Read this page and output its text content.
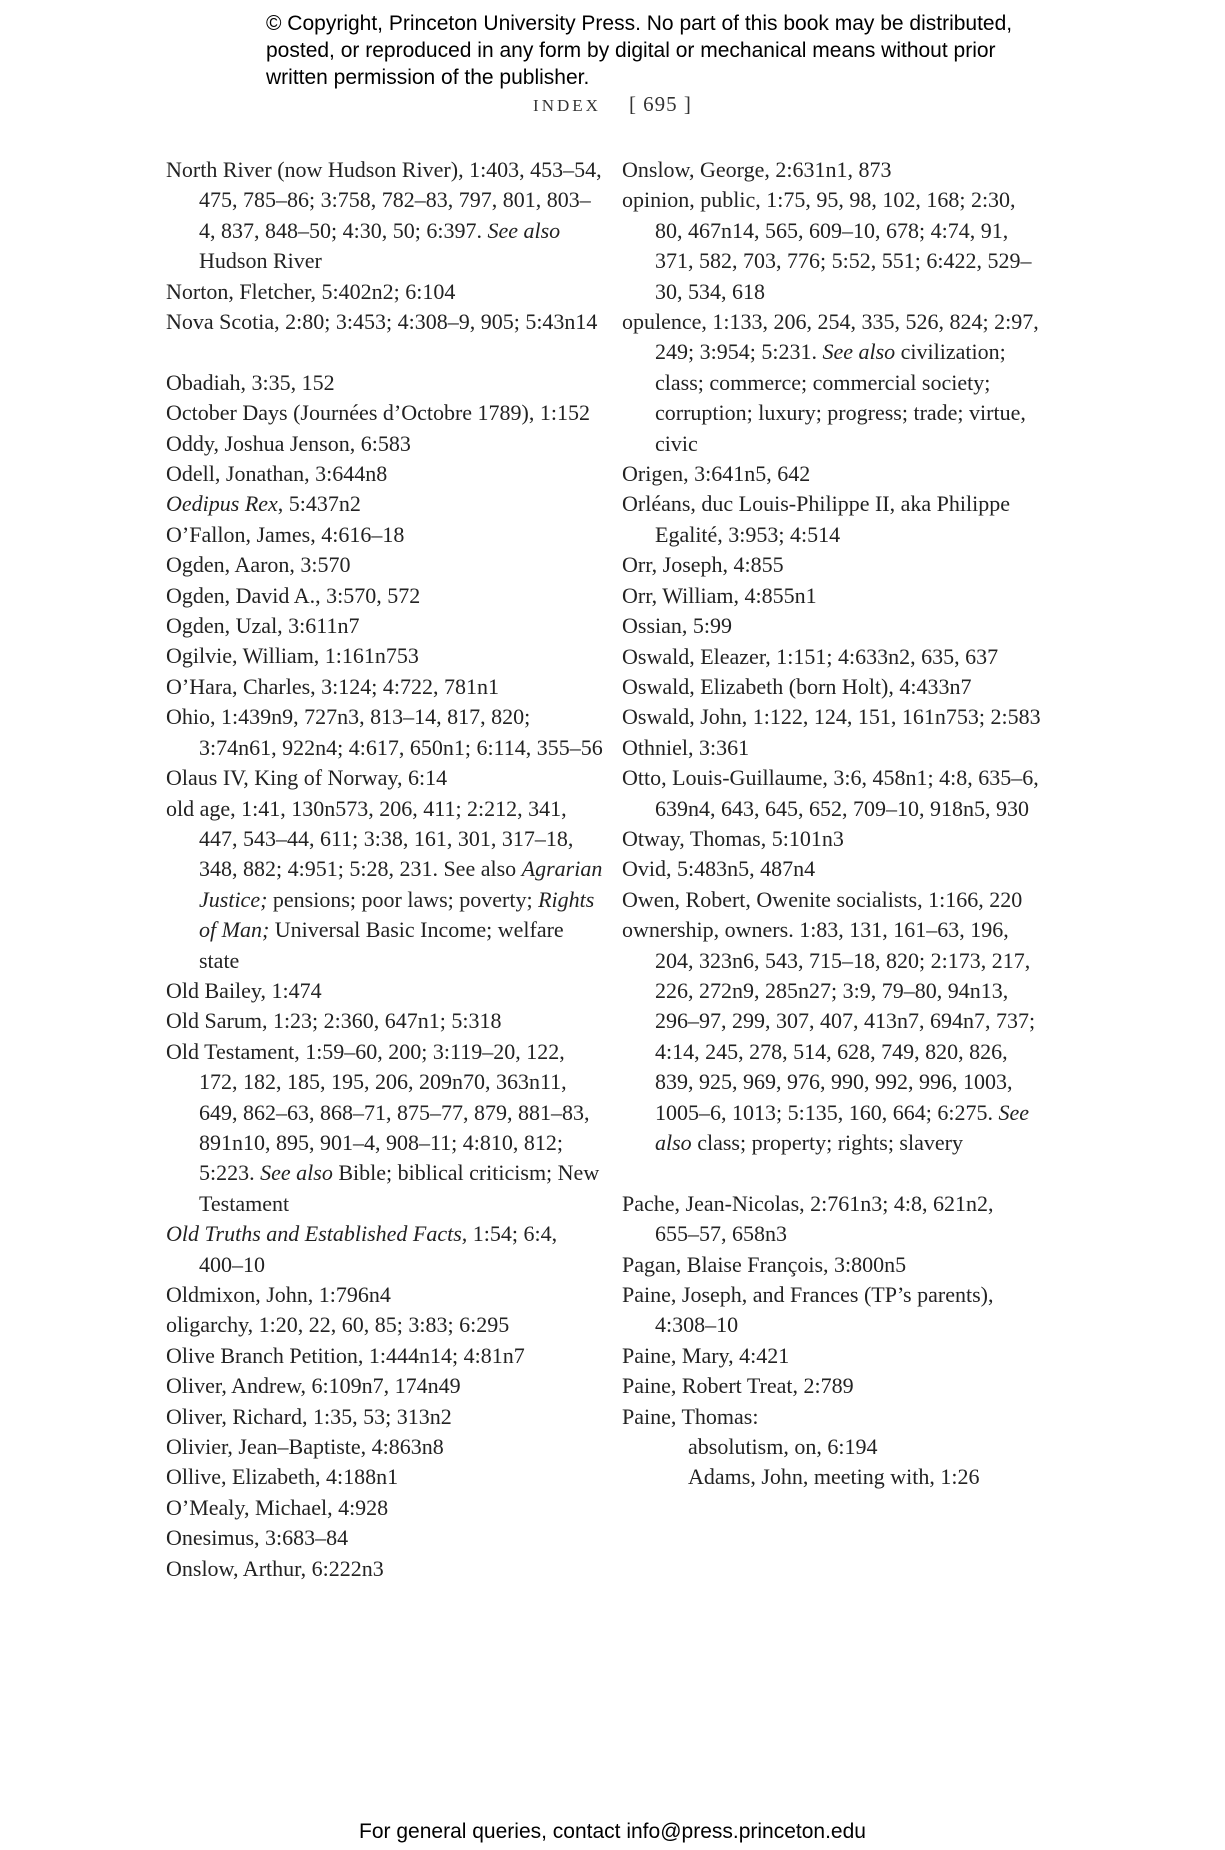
© Copyright, Princeton University Press. No part of this book may be distributed, posted, or reproduced in any form by digital or mechanical means without prior written permission of the publisher.
INDEX [ 695 ]
North River (now Hudson River), 1:403, 453–54, 475, 785–86; 3:758, 782–83, 797, 801, 803–4, 837, 848–50; 4:30, 50; 6:397. See also Hudson River
Norton, Fletcher, 5:402n2; 6:104
Nova Scotia, 2:80; 3:453; 4:308–9, 905; 5:43n14
Obadiah, 3:35, 152
October Days (Journées d’Octobre 1789), 1:152
Oddy, Joshua Jenson, 6:583
Odell, Jonathan, 3:644n8
Oedipus Rex, 5:437n2
O’Fallon, James, 4:616–18
Ogden, Aaron, 3:570
Ogden, David A., 3:570, 572
Ogden, Uzal, 3:611n7
Ogilvie, William, 1:161n753
O’Hara, Charles, 3:124; 4:722, 781n1
Ohio, 1:439n9, 727n3, 813–14, 817, 820; 3:74n61, 922n4; 4:617, 650n1; 6:114, 355–56
Olaus IV, King of Norway, 6:14
old age, 1:41, 130n573, 206, 411; 2:212, 341, 447, 543–44, 611; 3:38, 161, 301, 317–18, 348, 882; 4:951; 5:28, 231. See also Agrarian Justice; pensions; poor laws; poverty; Rights of Man; Universal Basic Income; welfare state
Old Bailey, 1:474
Old Sarum, 1:23; 2:360, 647n1; 5:318
Old Testament, 1:59–60, 200; 3:119–20, 122, 172, 182, 185, 195, 206, 209n70, 363n11, 649, 862–63, 868–71, 875–77, 879, 881–83, 891n10, 895, 901–4, 908–11; 4:810, 812; 5:223. See also Bible; biblical criticism; New Testament
Old Truths and Established Facts, 1:54; 6:4, 400–10
Oldmixon, John, 1:796n4
oligarchy, 1:20, 22, 60, 85; 3:83; 6:295
Olive Branch Petition, 1:444n14; 4:81n7
Oliver, Andrew, 6:109n7, 174n49
Oliver, Richard, 1:35, 53; 313n2
Olivier, Jean–Baptiste, 4:863n8
Ollive, Elizabeth, 4:188n1
O’Mealy, Michael, 4:928
Onesimus, 3:683–84
Onslow, Arthur, 6:222n3
Onslow, George, 2:631n1, 873
opinion, public, 1:75, 95, 98, 102, 168; 2:30, 80, 467n14, 565, 609–10, 678; 4:74, 91, 371, 582, 703, 776; 5:52, 551; 6:422, 529–30, 534, 618
opulence, 1:133, 206, 254, 335, 526, 824; 2:97, 249; 3:954; 5:231. See also civilization; class; commerce; commercial society; corruption; luxury; progress; trade; virtue, civic
Origen, 3:641n5, 642
Orléans, duc Louis-Philippe II, aka Philippe Egalité, 3:953; 4:514
Orr, Joseph, 4:855
Orr, William, 4:855n1
Ossian, 5:99
Oswald, Eleazer, 1:151; 4:633n2, 635, 637
Oswald, Elizabeth (born Holt), 4:433n7
Oswald, John, 1:122, 124, 151, 161n753; 2:583
Othniel, 3:361
Otto, Louis-Guillaume, 3:6, 458n1; 4:8, 635–6, 639n4, 643, 645, 652, 709–10, 918n5, 930
Otway, Thomas, 5:101n3
Ovid, 5:483n5, 487n4
Owen, Robert, Owenite socialists, 1:166, 220
ownership, owners. 1:83, 131, 161–63, 196, 204, 323n6, 543, 715–18, 820; 2:173, 217, 226, 272n9, 285n27; 3:9, 79–80, 94n13, 296–97, 299, 307, 407, 413n7, 694n7, 737; 4:14, 245, 278, 514, 628, 749, 820, 826, 839, 925, 969, 976, 990, 992, 996, 1003, 1005–6, 1013; 5:135, 160, 664; 6:275. See also class; property; rights; slavery
Pache, Jean-Nicolas, 2:761n3; 4:8, 621n2, 655–57, 658n3
Pagan, Blaise François, 3:800n5
Paine, Joseph, and Frances (TP’s parents), 4:308–10
Paine, Mary, 4:421
Paine, Robert Treat, 2:789
Paine, Thomas:
absolutism, on, 6:194
Adams, John, meeting with, 1:26
For general queries, contact info@press.princeton.edu
